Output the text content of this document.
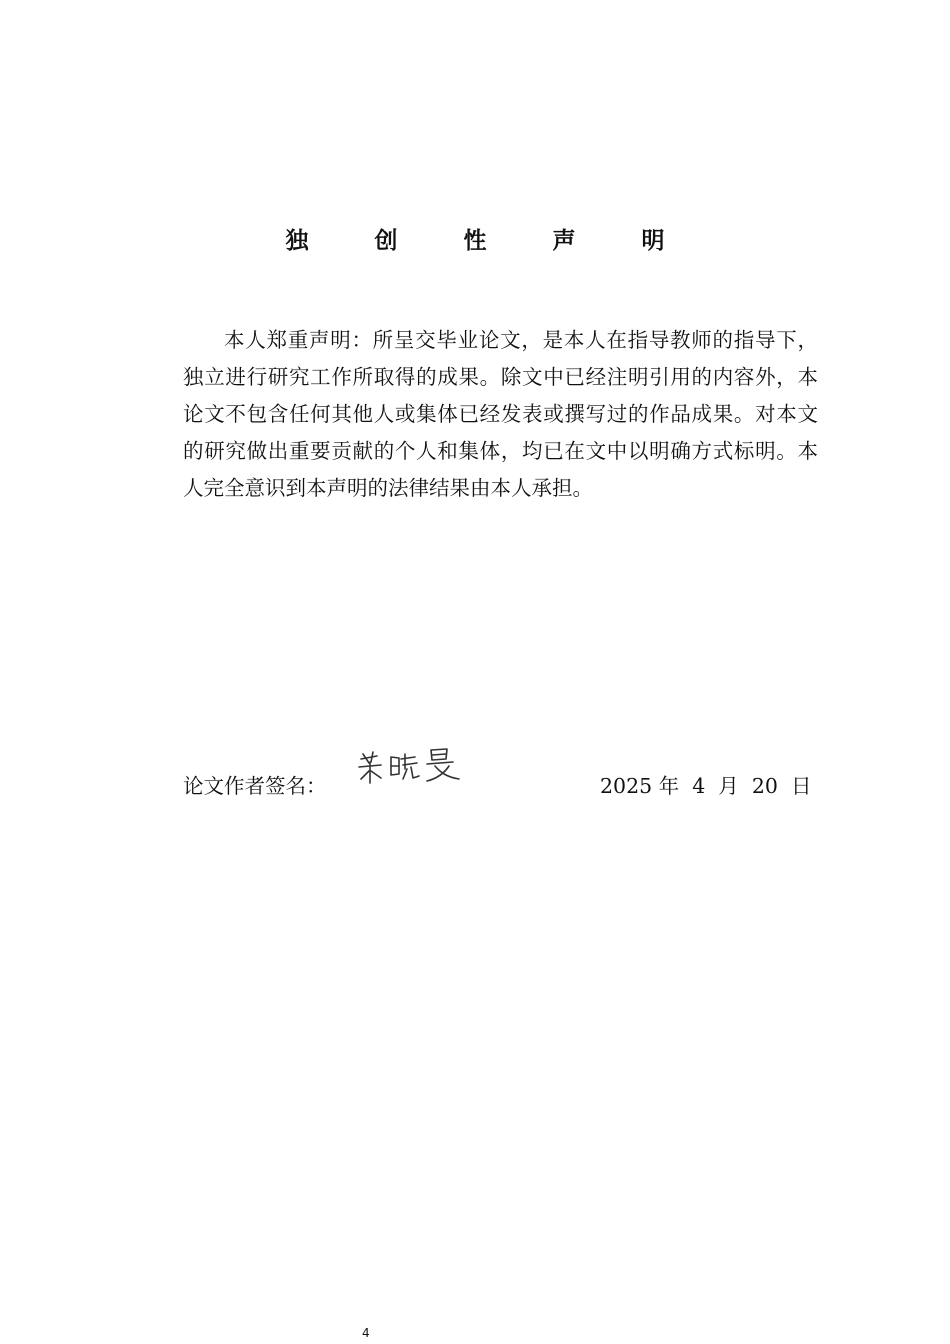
独 创 性 声 明

本人郑重声明：所呈交毕业论文，是本人在指导教师的指导下，独立进行研究工作所取得的成果。除文中已经注明引用的内容外，本论文不包含任何其他人或集体已经发表或撰写过的作品成果。对本文的研究做出重要贡献的个人和集体，均已在文中以明确方式标明。本人完全意识到本声明的法律结果由本人承担。

论文作者签名：	2025 年  4  月  20  日
4
